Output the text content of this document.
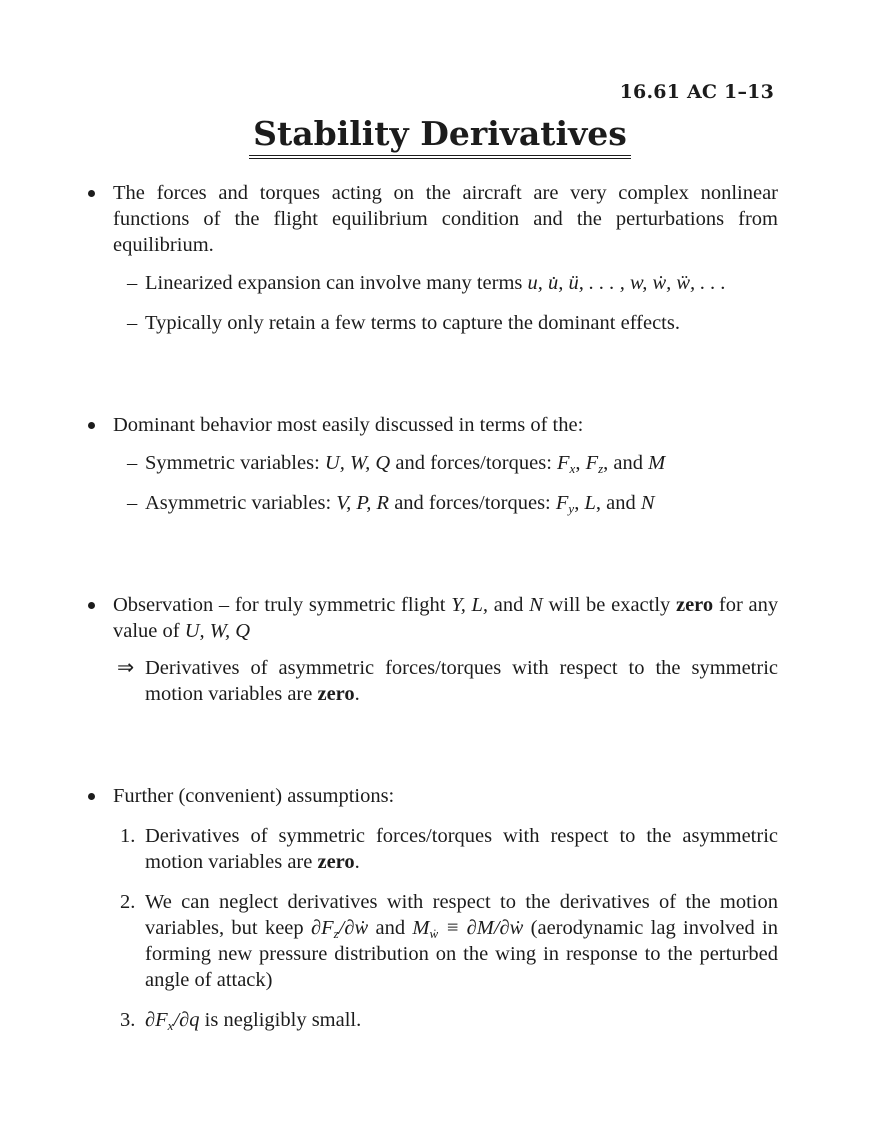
16.61 AC 1–13
Stability Derivatives
The forces and torques acting on the aircraft are very complex nonlinear functions of the flight equilibrium condition and the perturbations from equilibrium.
– Linearized expansion can involve many terms u, u̇, ü, . . . , w, ẇ, ẅ, . . .
– Typically only retain a few terms to capture the dominant effects.
Dominant behavior most easily discussed in terms of the:
– Symmetric variables: U, W, Q and forces/torques: $F_x$, $F_z$, and M
– Asymmetric variables: V, P, R and forces/torques: $F_y$, L, and N
Observation – for truly symmetric flight Y, L, and N will be exactly zero for any value of U, W, Q
⇒ Derivatives of asymmetric forces/torques with respect to the symmetric motion variables are zero.
Further (convenient) assumptions:
1. Derivatives of symmetric forces/torques with respect to the asymmetric motion variables are zero.
2. We can neglect derivatives with respect to the derivatives of the motion variables, but keep $\partial F_z/\partial ẇ$ and $M_ẇ$ ≡ ∂M/∂ẇ (aerodynamic lag involved in forming new pressure distribution on the wing in response to the perturbed angle of attack)
3. $\partial F_x/\partial q$ is negligibly small.
